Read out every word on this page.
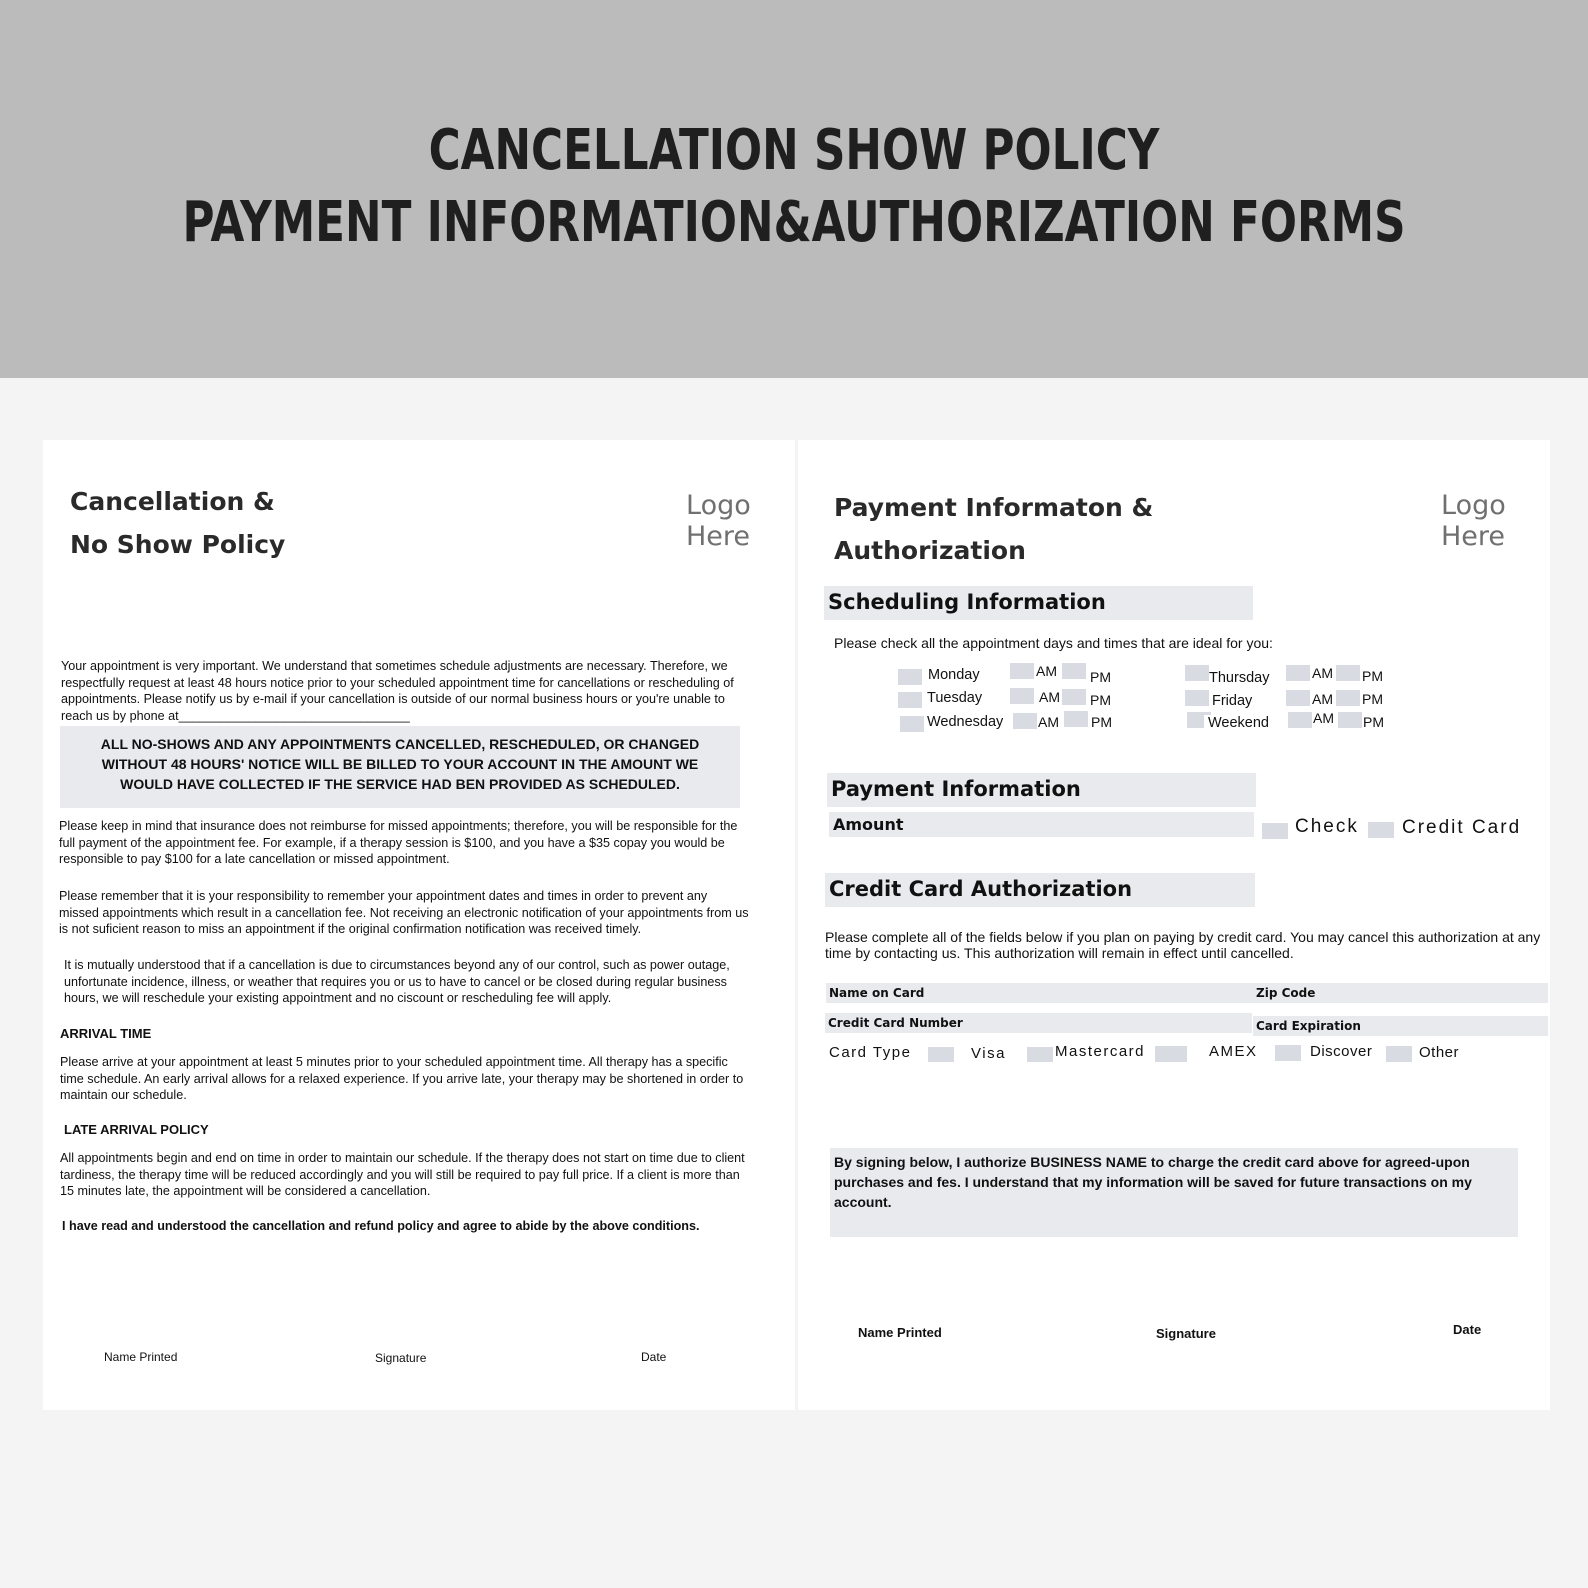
CANCELLATION SHOW POLICY
PAYMENT INFORMATION&AUTHORIZATION FORMS
Cancellation &
No Show Policy
Logo
Here
Your appointment is very important. We understand that sometimes schedule adjustments are necessary. Therefore, we respectfully request at least 48 hours notice prior to your scheduled appointment time for cancellations or rescheduling of appointments. Please notify us by e-mail if your cancellation is outside of our normal business hours or you're unable to reach us by phone at_________________________________
ALL NO-SHOWS AND ANY APPOINTMENTS CANCELLED, RESCHEDULED, OR CHANGED WITHOUT 48 HOURS' NOTICE WILL BE BILLED TO YOUR ACCOUNT IN THE AMOUNT WE WOULD HAVE COLLECTED IF THE SERVICE HAD BEN PROVIDED AS SCHEDULED.
Please keep in mind that insurance does not reimburse for missed appointments; therefore, you will be responsible for the full payment of the appointment fee. For example, if a therapy session is $100, and you have a $35 copay you would be responsible to pay $100 for a late cancellation or missed appointment.
Please remember that it is your responsibility to remember your appointment dates and times in order to prevent any missed appointments which result in a cancellation fee. Not receiving an electronic notification of your appointments from us is not suficient reason to miss an appointment if the original confirmation notification was received timely.
It is mutually understood that if a cancellation is due to circumstances beyond any of our control, such as power outage, unfortunate incidence, illness, or weather that requires you or us to have to cancel or be closed during regular business hours, we will reschedule your existing appointment and no ciscount or rescheduling fee will apply.
ARRIVAL TIME
Please arrive at your appointment at least 5 minutes prior to your scheduled appointment time. All therapy has a specific time schedule. An early arrival allows for a relaxed experience. If you arrive late, your therapy may be shortened in order to maintain our schedule.
LATE ARRIVAL POLICY
All appointments begin and end on time in order to maintain our schedule. If the therapy does not start on time due to client tardiness, the therapy time will be reduced accordingly and you will still be required to pay full price. If a client is more than 15 minutes late, the appointment will be considered a cancellation.
I have read and understood the cancellation and refund policy and agree to abide by the above conditions.
Name Printed	Signature	Date
Payment Informaton &
Authorization
Logo
Here
Scheduling Information
Please check all the appointment days and times that are ideal for you:
Monday	AM PM
Tuesday	AM PM
Wednesday AM PM
Thursday	AM PM
Friday	AM PM
Weekend	AM PM
Payment Information
Amount	Check Credit Card
Credit Card Authorization
Please complete all of the fields below if you plan on paying by credit card. You may cancel this authorization at any time by contacting us. This authorization will remain in effect until cancelled.
Name on Card	Zip Code
Credit Card Number	Card Expiration
Card Type	Visa	Mastercard	AMEX	Discover	Other
By signing below, I authorize BUSINESS NAME to charge the credit card above for agreed-upon purchases and fes. I understand that my information will be saved for future transactions on my account.
Name Printed	Signature	Date
